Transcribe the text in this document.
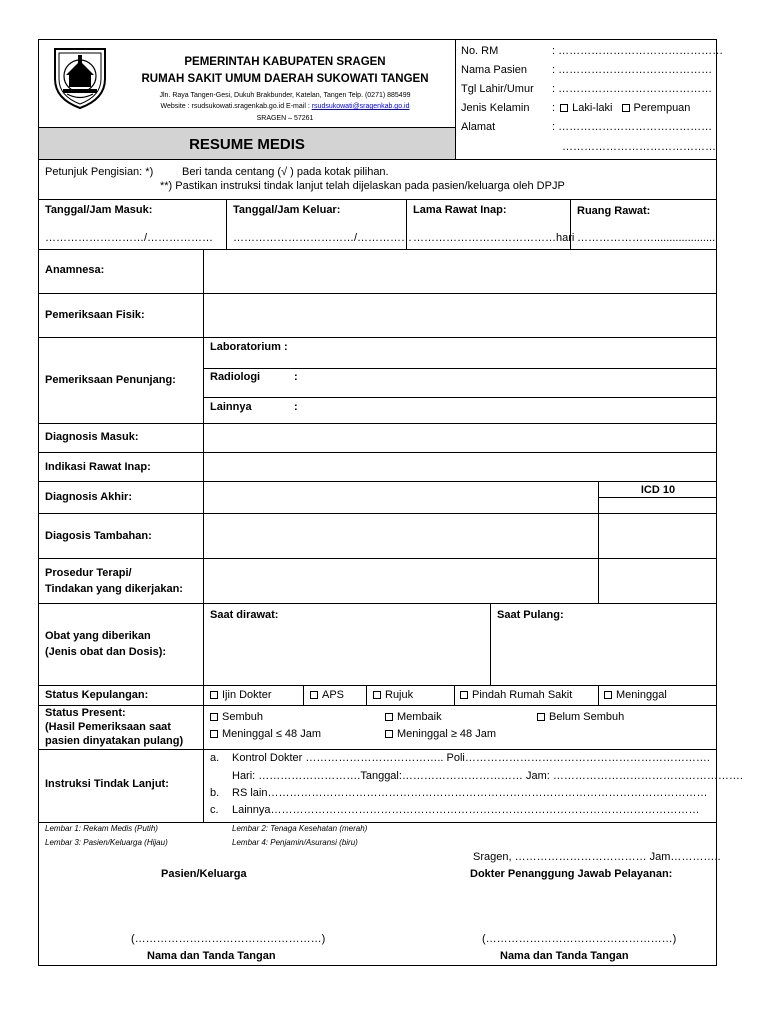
PEMERINTAH KABUPATEN SRAGEN
RUMAH SAKIT UMUM DAERAH SUKOWATI TANGEN
Jln. Raya Tangen-Gesi, Dukuh Brakbunder, Katelan, Tangen Telp. (0271) 885499
Website : rsudsukowati.sragenkab.go.id E-mail : rsudsukowati@sragenkab.go.id
SRAGEN – 57261
RESUME MEDIS
No. RM	: ………………………………………
Nama Pasien : ……………………………………
Tgl Lahir/Umur : ……………………………………
Jenis Kelamin : Laki-laki Perempuan
Alamat	: ……………………………………
……………………………………
Petunjuk Pengisian: *)	Beri tanda centang (√ ) pada kotak pilihan.
**) Pastikan instruksi tindak lanjut telah dijelaskan pada pasien/keluarga oleh DPJP
Tanggal/Jam Masuk:
………………………/………………
Tanggal/Jam Keluar:
……………………………/……………
Lama Rawat Inap:
…………………………………hari
Ruang Rawat:
…………………....................
Anamnesa:
Pemeriksaan Fisik:
Pemeriksaan Penunjang:
Laboratorium :
Radiologi	:
Lainnya	:
Diagnosis Masuk:
Indikasi Rawat Inap:
Diagnosis Akhir:
ICD 10
Diagosis Tambahan:
Prosedur Terapi/
Tindakan yang dikerjakan:
Obat yang diberikan
(Jenis obat dan Dosis):
Saat dirawat:	Saat Pulang:
Status Kepulangan:	Ijin Dokter	APS	Rujuk	Pindah Rumah Sakit	Meninggal
Status Present:
(Hasil Pemeriksaan saat
pasien dinyatakan pulang)
Sembuh	Membaik	Belum Sembuh
Meninggal ≤ 48 Jam	Meninggal ≥ 48 Jam
Instruksi Tindak Lanjut:
a. Kontrol Dokter ……………………………….. Poli………………………………………………………….
Hari: ……………………….Tanggal:…………………………… Jam: …………………………………………….
b. RS lain…………………………………………………………………………………………………………
c. Lainnya………………………………………………………………………………………………………
Lembar 1: Rekam Medis (Putih)	Lembar 2: Tenaga Kesehatan (merah)
Lembar 3: Pasien/Keluarga (Hijau)	Lembar 4: Penjamin/Asuransi (biru)
Sragen, ……………………………… Jam…………..
Pasien/Keluarga	Dokter Penanggung Jawab Pelayanan:
(……………………………………………)	(……………………………………………)
Nama dan Tanda Tangan	Nama dan Tanda Tangan
